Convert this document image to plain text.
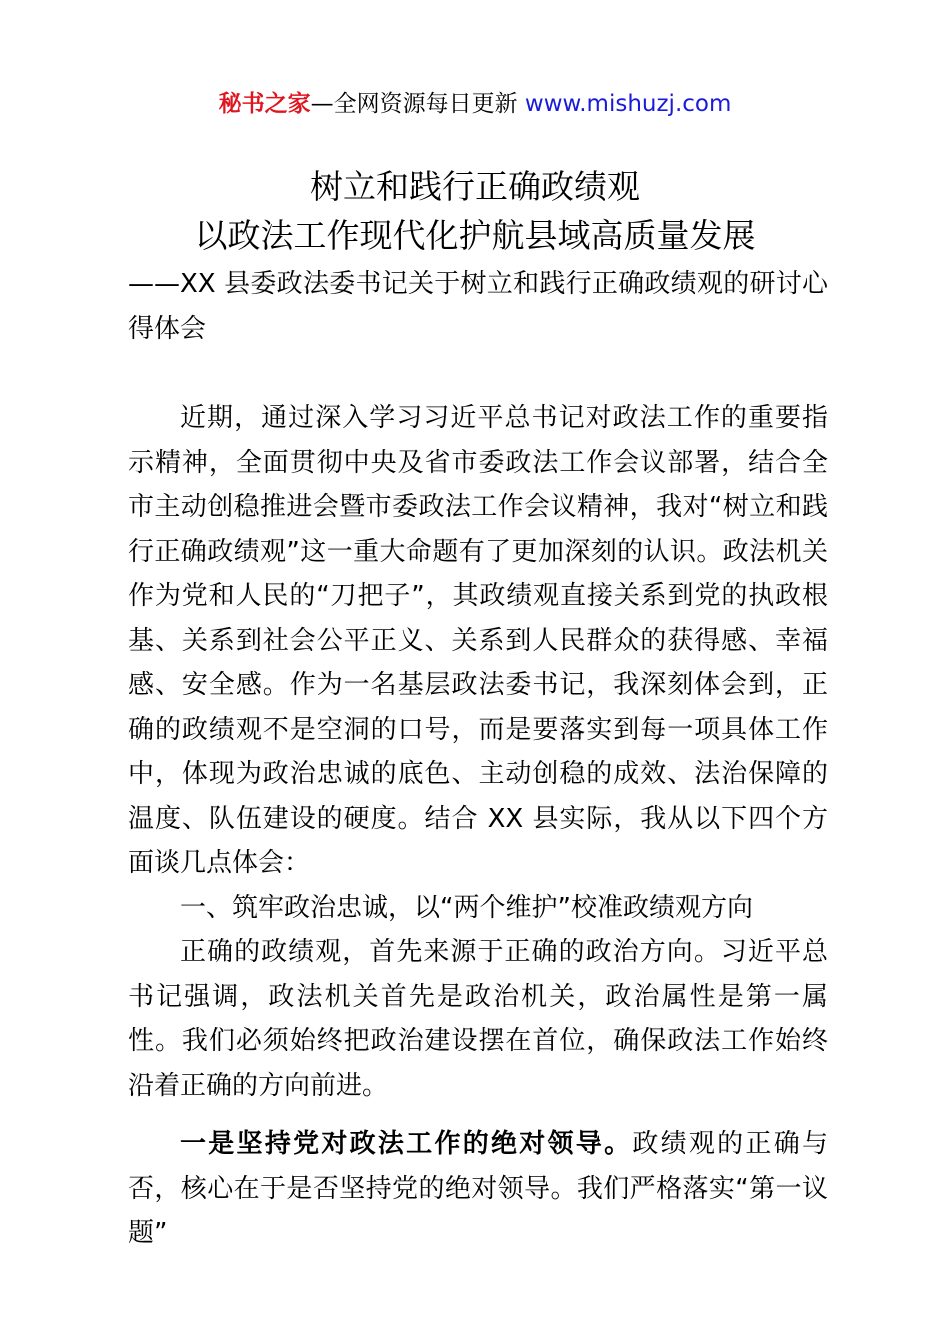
秘书之家—全网资源每日更新 www.mishuzj.com
树立和践行正确政绩观
以政法工作现代化护航县域高质量发展
——XX 县委政法委书记关于树立和践行正确政绩观的研讨心得体会

近期，通过深入学习习近平总书记对政法工作的重要指示精神，全面贯彻中央及省市委政法工作会议部署，结合全市主动创稳推进会暨市委政法工作会议精神，我对“树立和践行正确政绩观”这一重大命题有了更加深刻的认识。政法机关作为党和人民的“刀把子”，其政绩观直接关系到党的执政根基、关系到社会公平正义、关系到人民群众的获得感、幸福感、安全感。作为一名基层政法委书记，我深刻体会到，正确的政绩观不是空洞的口号，而是要落实到每一项具体工作中，体现为政治忠诚的底色、主动创稳的成效、法治保障的温度、队伍建设的硬度。结合 XX 县实际，我从以下四个方面谈几点体会：

一、筑牢政治忠诚，以“两个维护”校准政绩观方向

正确的政绩观，首先来源于正确的政治方向。习近平总书记强调，政法机关首先是政治机关，政治属性是第一属性。我们必须始终把政治建设摆在首位，确保政法工作始终沿着正确的方向前进。

一是坚持党对政法工作的绝对领导。政绩观的正确与否，核心在于是否坚持党的绝对领导。我们严格落实“第一议题”
